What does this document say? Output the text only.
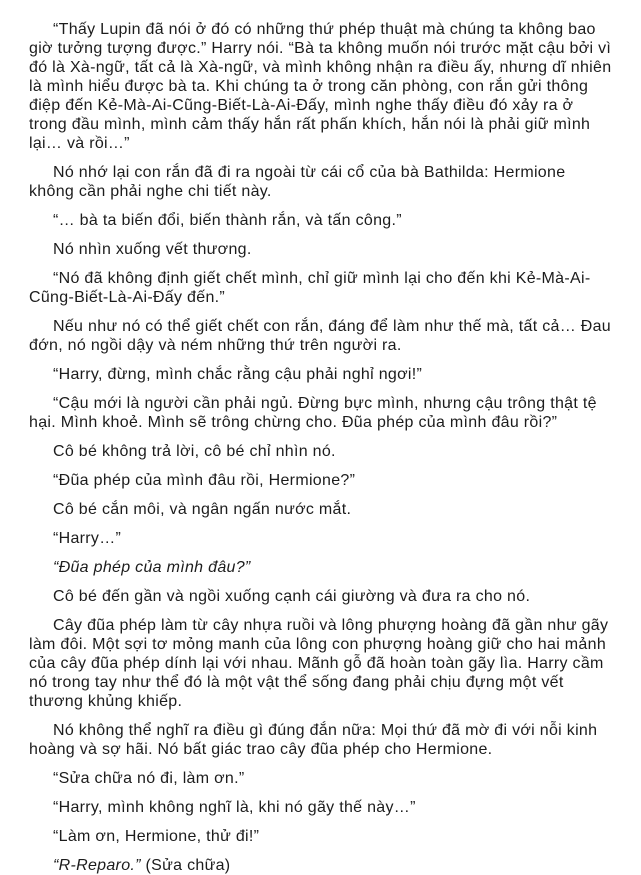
“Thấy Lupin đã nói ở đó có những thứ phép thuật mà chúng ta không bao giờ tưởng tượng được.” Harry nói. “Bà ta không muốn nói trước mặt cậu bởi vì đó là Xà-ngữ, tất cả là Xà-ngữ, và mình không nhận ra điều ấy, nhưng dĩ nhiên là mình hiểu được bà ta. Khi chúng ta ở trong căn phòng, con rắn gửi thông điệp đến Kẻ-Mà-Ai-Cũng-Biết-Là-Ai-Đấy, mình nghe thấy điều đó xảy ra ở trong đầu mình, mình cảm thấy hắn rất phấn khích, hắn nói là phải giữ mình lại… và rồi…”

Nó nhớ lại con rắn đã đi ra ngoài từ cái cổ của bà Bathilda: Hermione không cần phải nghe chi tiết này.

“… bà ta biến đổi, biến thành rắn, và tấn công.”

Nó nhìn xuống vết thương.

“Nó đã không định giết chết mình, chỉ giữ mình lại cho đến khi Kẻ-Mà-Ai-Cũng-Biết-Là-Ai-Đấy đến.”

Nếu như nó có thể giết chết con rắn, đáng để làm như thế mà, tất cả… Đau đớn, nó ngồi dậy và ném những thứ trên người ra.

“Harry, đừng, mình chắc rằng cậu phải nghỉ ngơi!”

“Cậu mới là người cần phải ngủ. Đừng bực mình, nhưng cậu trông thật tệ hại. Mình khoẻ. Mình sẽ trông chừng cho. Đũa phép của mình đâu rồi?”

Cô bé không trả lời, cô bé chỉ nhìn nó.

“Đũa phép của mình đâu rồi, Hermione?”

Cô bé cắn môi, và ngân ngấn nước mắt.

“Harry…”

“Đũa phép của mình đâu?”

Cô bé đến gần và ngồi xuống cạnh cái giường và đưa ra cho nó.

Cây đũa phép làm từ cây nhựa ruồi và lông phượng hoàng đã gần như gãy làm đôi. Một sợi tơ mỏng manh của lông con phượng hoàng giữ cho hai mảnh của cây đũa phép dính lại với nhau. Mãnh gỗ đã hoàn toàn gãy lìa. Harry cầm nó trong tay như thể đó là một vật thể sống đang phải chịu đựng một vết thương khủng khiếp.

Nó không thể nghĩ ra điều gì đúng đắn nữa: Mọi thứ đã mờ đi với nỗi kinh hoàng và sợ hãi. Nó bất giác trao cây đũa phép cho Hermione.

“Sửa chữa nó đi, làm ơn.”

“Harry, mình không nghĩ là, khi nó gãy thế này…”

“Làm ơn, Hermione, thử đi!”

“R-Reparo.” (Sửa chữa)
